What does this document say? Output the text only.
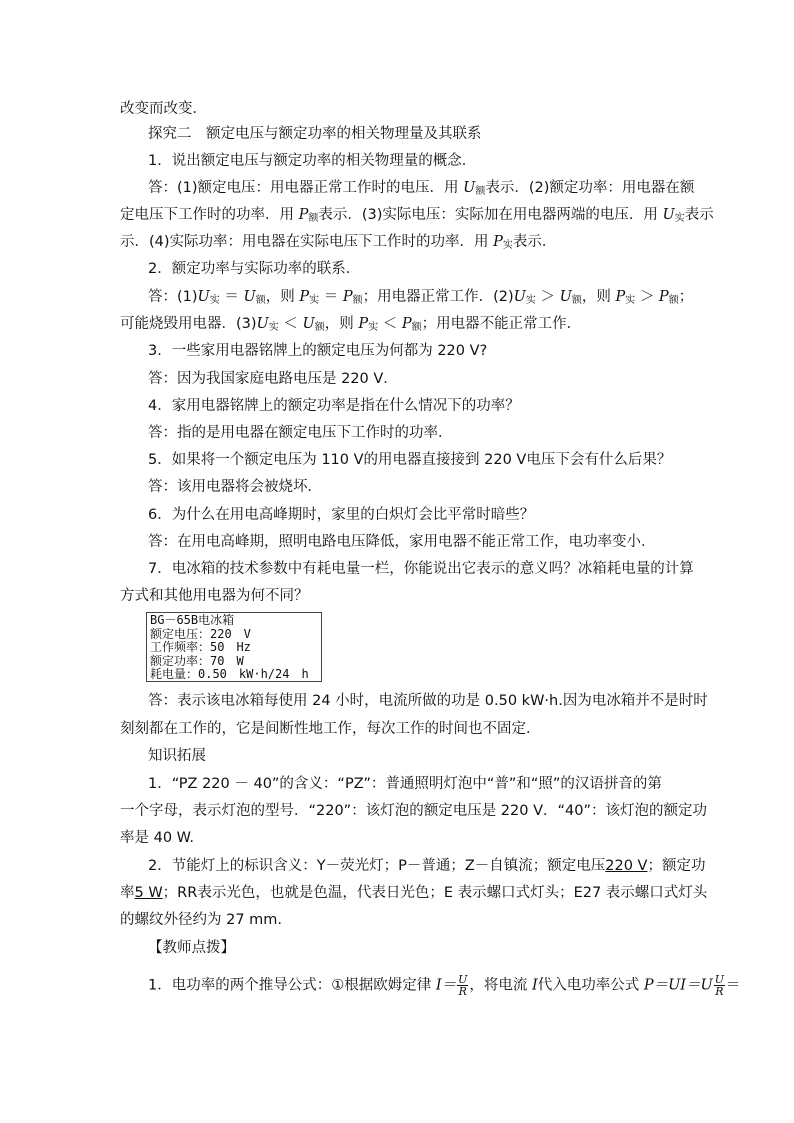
改变而改变．
探究二　额定电压与额定功率的相关物理量及其联系
1．说出额定电压与额定功率的相关物理量的概念．
答：(1)额定电压：用电器正常工作时的电压．用 $U_额$表示．(2)额定功率：用电器在额
定电压下工作时的功率．用 $P_额$表示．(3)实际电压：实际加在用电器两端的电压．用 $U_实$表示
示．(4)实际功率：用电器在实际电压下工作时的功率．用 $P_实$表示．
2．额定功率与实际功率的联系．
答：$(1)U_实 = U_额$，则 $P_实 = P_额$；用电器正常工作．$(2)U_实 > U_额$，则 $P_实 > P_额$；
可能烧毁用电器．$(3)U_实 < U_额$，则 $P_实 < P_额$；用电器不能正常工作．
3．一些家用电器铭牌上的额定电压为何都为 220 V?
答：因为我国家庭电路电压是 220 V．
4．家用电器铭牌上的额定功率是指在什么情况下的功率？
答：指的是用电器在额定电压下工作时的功率．
5．如果将一个额定电压为 110 V的用电器直接接到 220 V电压下会有什么后果？
答：该用电器将会被烧坏．
6．为什么在用电高峰期时，家里的白炽灯会比平常时暗些？
答：在用电高峰期，照明电路电压降低，家用电器不能正常工作，电功率变小．
7．电冰箱的技术参数中有耗电量一栏，你能说出它表示的意义吗？冰箱耗电量的计算
方式和其他用电器为何不同？
BG－65B电冰箱
额定电压：220　V
工作频率：50　Hz
额定功率：70　W
耗电量：0.50　kW·h/24　h
答：表示该电冰箱每使用 24 小时，电流所做的功是 0.50 kW·h.因为电冰箱并不是时时
刻刻都在工作的，它是间断性地工作，每次工作的时间也不固定．
知识拓展
1．“PZ 220 － 40”的含义：“PZ”：普通照明灯泡中“普”和“照”的汉语拼音的第
一个字母，表示灯泡的型号．“220”：该灯泡的额定电压是 220 V．“40”：该灯泡的额定功
率是 40 W.
2．节能灯上的标识含义：Y－荧光灯；P－普通；Z－自镇流；额定电压220 V；额定功
率5 W；RR表示光色，也就是色温，代表日光色；E 表示螺口式灯头；E27 表示螺口式灯头
的螺纹外径约为 27 mm.
【教师点拨】
1．电功率的两个推导公式：①根据欧姆定律 $I= \frac{U}{R}$ ，将电流 I代入电功率公式 $P=UI=U \frac{U}{R}$ ＝
